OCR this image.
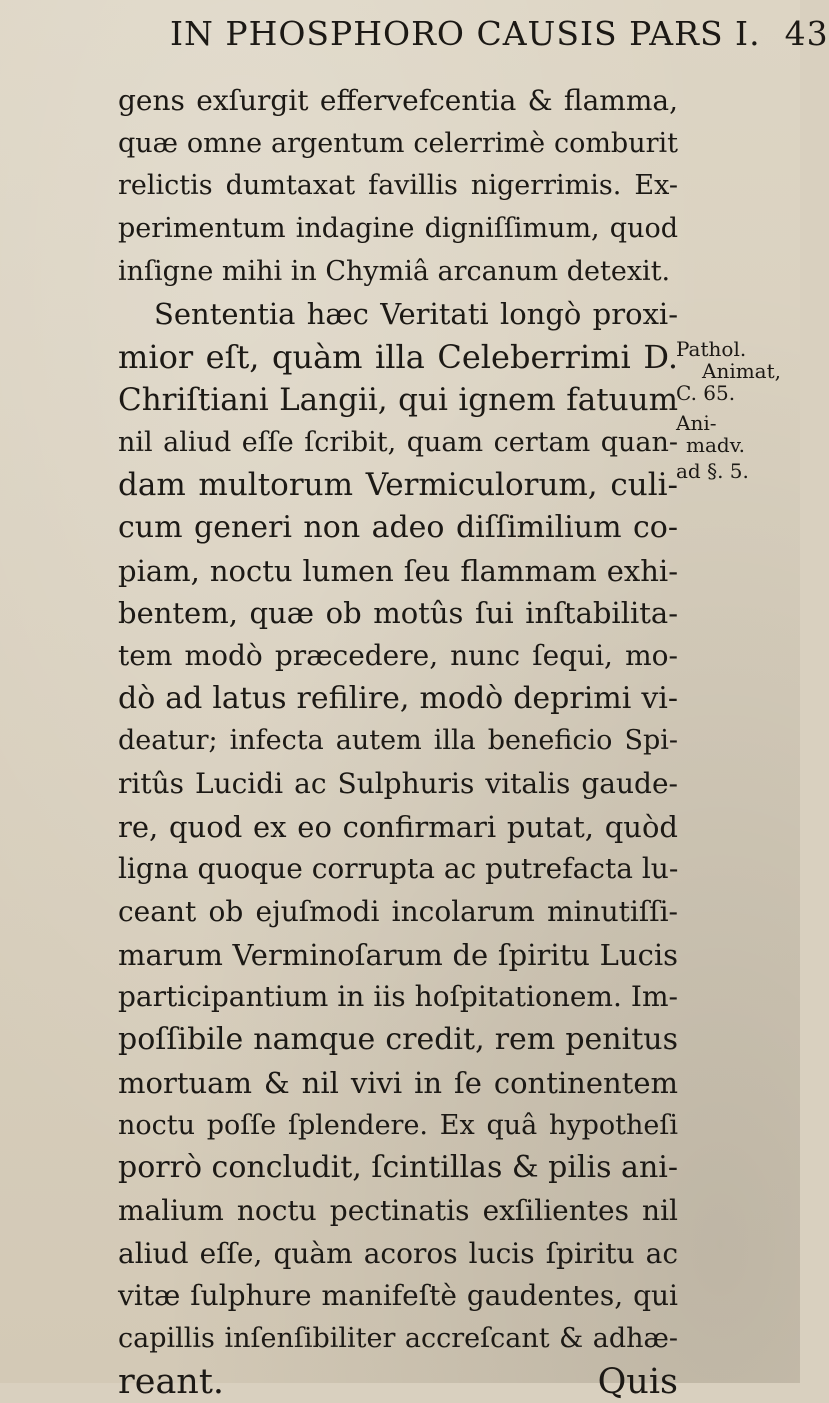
IN PHOSPHORO CAUSIS PARS I. 43
gens exſurgit effervefcentia & flamma,
quæ omne argentum celerrimè comburit
relictis dumtaxat favillis nigerrimis. Ex-
perimentum indagine digniſſimum, quod
inſigne mihi in Chymiâ arcanum detexit.
Sententia hæc Veritati longò proxi-
mior eſt, quàm illa Celeberrimi D.
Chriſtiani Langii, qui ignem fatuum
nil aliud eſſe ſcribit, quam certam quan-
dam multorum Vermiculorum, culi-
cum generi non adeo diſſimilium co-
piam, noctu lumen ſeu flammam exhi-
bentem, quæ ob motûs ſui inſtabilita-
tem modò præcedere, nunc ſequi, mo-
dò ad latus refilire, modò deprimi vi-
deatur; infecta autem illa beneficio Spi-
ritûs Lucidi ac Sulphuris vitalis gaude-
re, quod ex eo confirmari putat, quòd
ligna quoque corrupta ac putrefacta lu-
ceant ob ejuſmodi incolarum minutiſſi-
marum Verminoſarum de ſpiritu Lucis
participantium in iis hoſpitationem. Im-
poſſibile namque credit, rem penitus
mortuam & nil vivi in ſe continentem
noctu poſſe ſplendere. Ex quâ hypotheſi
porrò concludit, ſcintillas & pilis ani-
malium noctu pectinatis exſilientes nil
aliud eſſe, quàm acoros lucis ſpiritu ac
vitæ ſulphure manifeſtè gaudentes, qui
capillis inſenſibiliter accreſcant & adhæ-
reant.	Quis
Pathol.
Animat,
C. 65.
Ani-
madv.
ad §. 5.
